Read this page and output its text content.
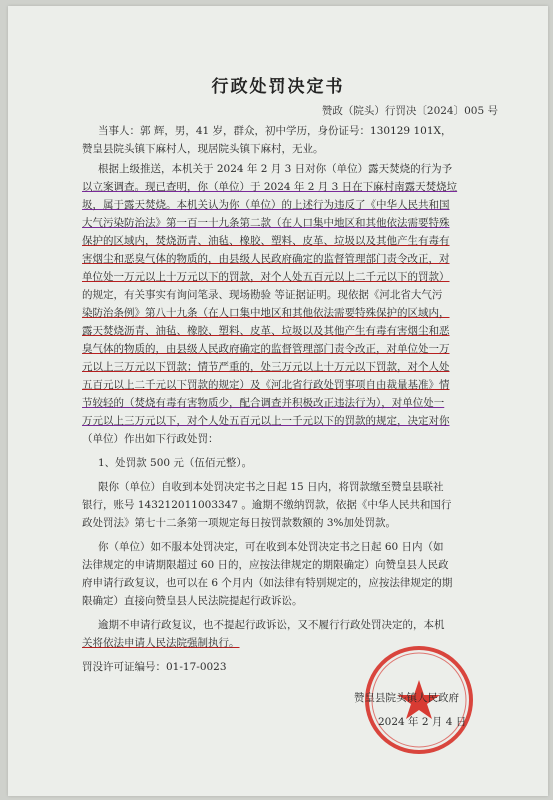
行政处罚决定书
赞政（院头）行罚决〔2024〕005 号
当事人：郭 辉，男，41 岁，群众，初中学历，身份证号：130129 101X，
赞皇县院头镇下麻村人，现居院头镇下麻村，无业。
根据上级推送，本机关于 2024 年 2 月 3 日对你（单位）露天焚烧的行为予
以立案调查。现已查明，你（单位）于 2024 年 2 月 3 日在下麻村南露天焚烧垃
圾，属于露天焚烧。本机关认为你（单位）的上述行为违反了《中华人民共和国
大气污染防治法》第一百一十九条第二款（在人口集中地区和其他依法需要特殊
保护的区域内，焚烧沥青、油毡、橡胶、塑料、皮革、垃圾以及其他产生有毒有
害烟尘和恶臭气体的物质的，由县级人民政府确定的监督管理部门责令改正，对
单位处一万元以上十万元以下的罚款，对个人处五百元以上二千元以下的罚款）
的规定，有关事实有询问笔录、现场勘验 等证据证明。现依据《河北省大气污
染防治条例》第八十九条（在人口集中地区和其他依法需要特殊保护的区域内，
露天焚烧沥青、油毡、橡胶、塑料、皮革、垃圾以及其他产生有毒有害烟尘和恶
臭气体的物质的，由县级人民政府确定的监督管理部门责令改正，对单位处一万
元以上三万元以下罚款；情节严重的，处三万元以上十万元以下罚款，对个人处
五百元以上二千元以下罚款的规定）及《河北省行政处罚事项自由裁量基准》情
节较轻的（焚烧有毒有害物质少，配合调查并积极改正违法行为），对单位处一
万元以上三万元以下，对个人处五百元以上一千元以下的罚款的规定，决定对你
（单位）作出如下行政处罚：
1、处罚款 500 元（伍佰元整）。
限你（单位）自收到本处罚决定书之日起 15 日内，将罚款缴至赞皇县联社
银行，账号 143212011003347 。逾期不缴纳罚款，依据《中华人民共和国行
政处罚法》第七十二条第一项规定每日按罚款数额的 3%加处罚款。
你（单位）如不服本处罚决定，可在收到本处罚决定书之日起 60 日内（如
法律规定的申请期限超过 60 日的，应按法律规定的期限确定）向赞皇县人民政
府申请行政复议，也可以在 6 个月内（如法律有特别规定的，应按法律规定的期
限确定）直接向赞皇县人民法院提起行政诉讼。
逾期不申请行政复议，也不提起行政诉讼，又不履行行政处罚决定的，本机
关将依法申请人民法院强制执行。
罚没许可证编号：01-17-0023
赞皇县院头镇人民政府
2024 年 2 月 4 日
